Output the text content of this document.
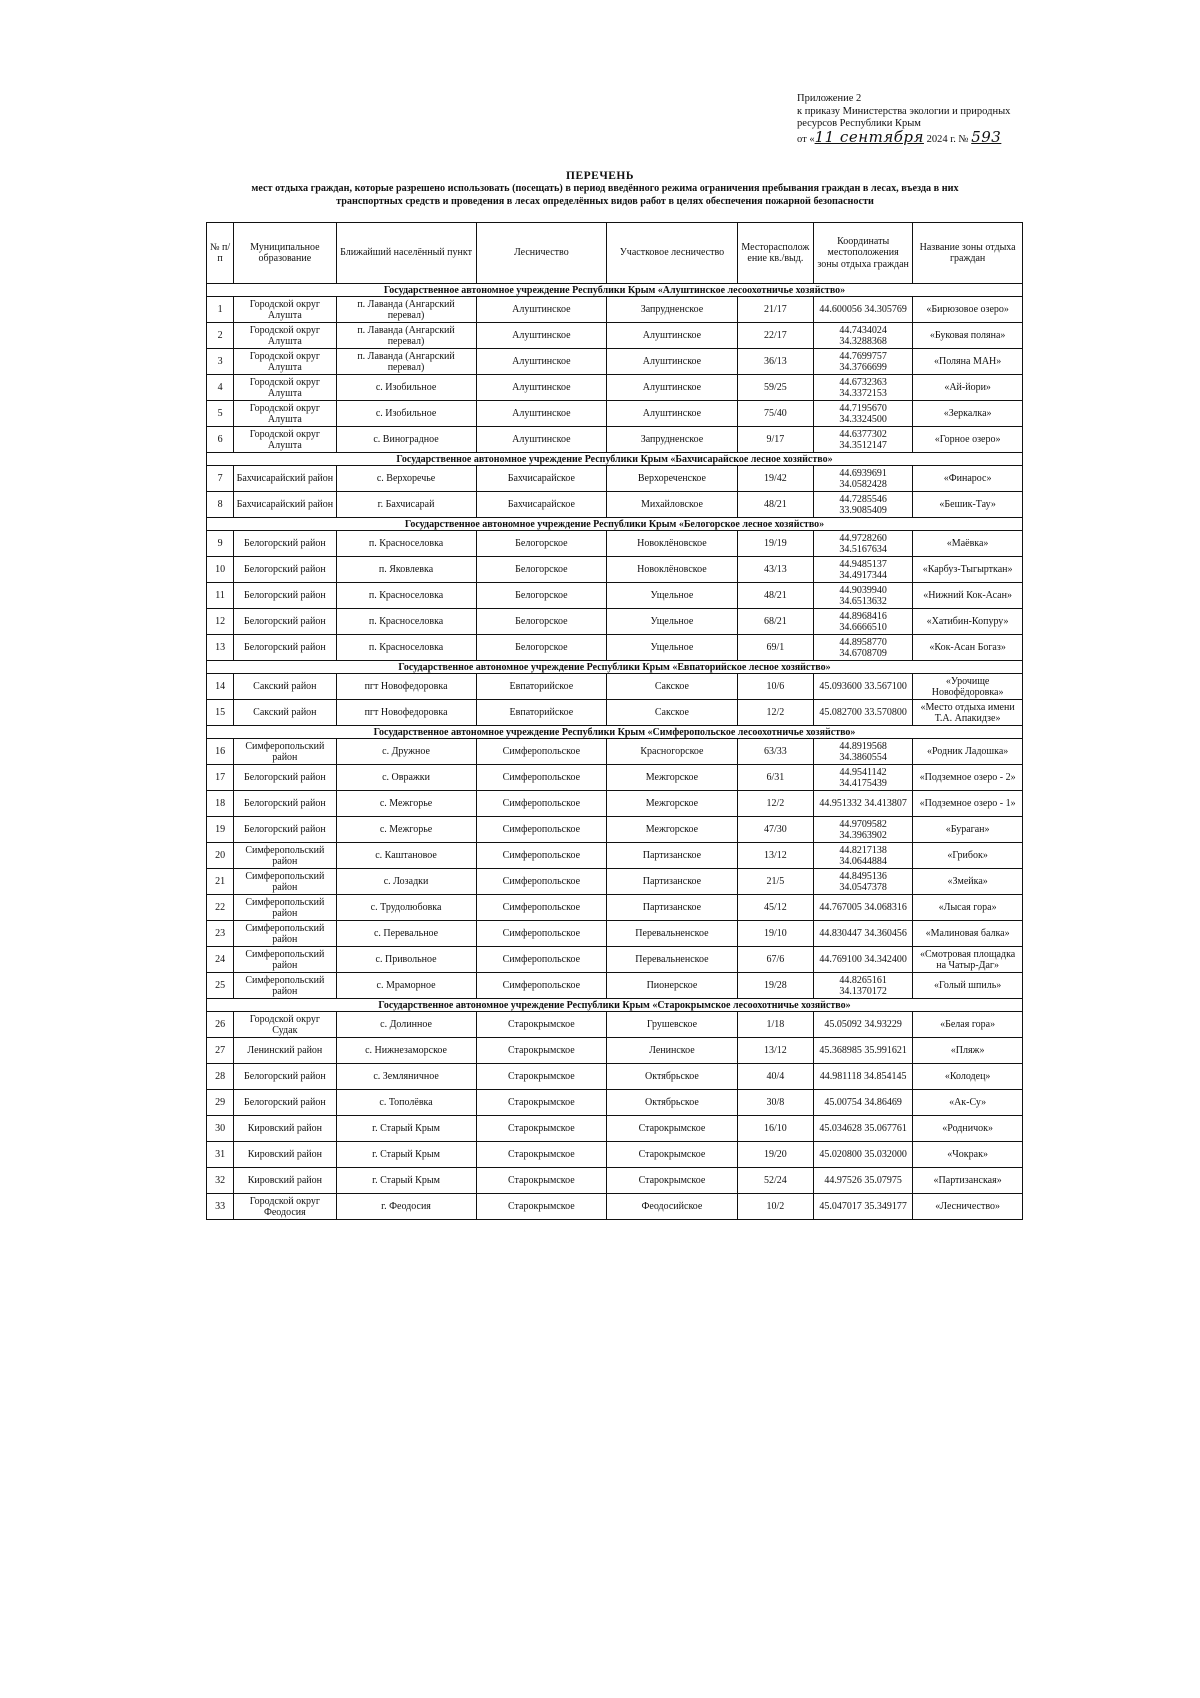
Приложение 2
к приказу Министерства экологии и природных
ресурсов Республики Крым
от «11 сентября 2024 г. № 593
ПЕРЕЧЕНЬ
мест отдыха граждан, которые разрешено использовать (посещать) в период введённого режима ограничения пребывания граждан в лесах, въезда в них транспортных средств и проведения в лесах определённых видов работ в целях обеспечения пожарной безопасности
№ п/п	Муниципальное образование	Ближайший населённый пункт	Лесничество	Участковое лесничество	Месторасположение кв./выд.	Координаты местоположения зоны отдыха граждан	Название зоны отдыха граждан
Государственное автономное учреждение Республики Крым «Алуштинское лесоохотничье хозяйство»							
1	Городской округ Алушта	п. Лаванда (Ангарский перевал)	Алуштинское	Запрудненское	21/17	44.600056 34.305769	«Бирюзовое озеро»
2	Городской округ Алушта	п. Лаванда (Ангарский перевал)	Алуштинское	Алуштинское	22/17	44.7434024 34.3288368	«Буковая поляна»
3	Городской округ Алушта	п. Лаванда (Ангарский перевал)	Алуштинское	Алуштинское	36/13	44.7699757 34.3766699	«Поляна МАН»
4	Городской округ Алушта	с. Изобильное	Алуштинское	Алуштинское	59/25	44.6732363 34.3372153	«Ай-йори»
5	Городской округ Алушта	с. Изобильное	Алуштинское	Алуштинское	75/40	44.7195670 34.3324500	«Зеркалка»
6	Городской округ Алушта	с. Виноградное	Алуштинское	Запрудненское	9/17	44.6377302 34.3512147	«Горное озеро»
Государственное автономное учреждение Республики Крым «Бахчисарайское лесное хозяйство»							
7	Бахчисарайский район	с. Верхоречье	Бахчисарайское	Верхореченское	19/42	44.6939691 34.0582428	«Финарос»
8	Бахчисарайский район	г. Бахчисарай	Бахчисарайское	Михайловское	48/21	44.7285546 33.9085409	«Бешик-Тау»
Государственное автономное учреждение Республики Крым «Белогорское лесное хозяйство»							
9	Белогорский район	п. Красноселовка	Белогорское	Новоклёновское	19/19	44.9728260 34.5167634	«Маёвка»
10	Белогорский район	п. Яковлевка	Белогорское	Новоклёновское	43/13	44.9485137 34.4917344	«Карбуз-Тыгырткан»
11	Белогорский район	п. Красноселовка	Белогорское	Ущельное	48/21	44.9039940 34.6513632	«Нижний Кок-Асан»
12	Белогорский район	п. Красноселовка	Белогорское	Ущельное	68/21	44.8968416 34.6666510	«Хатибин-Копуру»
13	Белогорский район	п. Красноселовка	Белогорское	Ущельное	69/1	44.8958770 34.6708709	«Кок-Асан Богаз»
Государственное автономное учреждение Республики Крым «Евпаторийское лесное хозяйство»							
14	Сакский район	пгт Новофедоровка	Евпаторийское	Сакское	10/6	45.093600 33.567100	«Урочище Новофёдоровка»
15	Сакский район	пгт Новофедоровка	Евпаторийское	Сакское	12/2	45.082700 33.570800	«Место отдыха имени Т.А. Апакидзе»
Государственное автономное учреждение Республики Крым «Симферопольское лесоохотничье хозяйство»							
16	Симферопольский район	с. Дружное	Симферопольское	Красногорское	63/33	44.8919568 34.3860554	«Родник Ладошка»
17	Белогорский район	с. Овражки	Симферопольское	Межгорское	6/31	44.9541142 34.4175439	«Подземное озеро - 2»
18	Белогорский район	с. Межгорье	Симферопольское	Межгорское	12/2	44.951332 34.413807	«Подземное озеро - 1»
19	Белогорский район	с. Межгорье	Симферопольское	Межгорское	47/30	44.9709582 34.3963902	«Бураган»
20	Симферопольский район	с. Каштановое	Симферопольское	Партизанское	13/12	44.8217138 34.0644884	«Грибок»
21	Симферопольский район	с. Лозадки	Симферопольское	Партизанское	21/5	44.8495136 34.0547378	«Змейка»
22	Симферопольский район	с. Трудолюбовка	Симферопольское	Партизанское	45/12	44.767005 34.068316	«Лысая гора»
23	Симферопольский район	с. Перевальное	Симферопольское	Перевальненское	19/10	44.830447 34.360456	«Малиновая балка»
24	Симферопольский район	с. Привольное	Симферопольское	Перевальненское	67/6	44.769100 34.342400	«Смотровая площадка на Чатыр-Даг»
25	Симферопольский район	с. Мраморное	Симферопольское	Пионерское	19/28	44.8265161 34.1370172	«Голый шпиль»
Государственное автономное учреждение Республики Крым «Старокрымское лесоохотничье хозяйство»							
26	Городской округ Судак	с. Долинное	Старокрымское	Грушевское	1/18	45.05092 34.93229	«Белая гора»
27	Ленинский район	с. Нижнезаморское	Старокрымское	Ленинское	13/12	45.368985 35.991621	«Пляж»
28	Белогорский район	с. Земляничное	Старокрымское	Октябрьское	40/4	44.981118 34.854145	«Колодец»
29	Белогорский район	с. Тополёвка	Старокрымское	Октябрьское	30/8	45.00754 34.86469	«Ак-Су»
30	Кировский район	г. Старый Крым	Старокрымское	Старокрымское	16/10	45.034628 35.067761	«Родничок»
31	Кировский район	г. Старый Крым	Старокрымское	Старокрымское	19/20	45.020800 35.032000	«Чокрак»
32	Кировский район	г. Старый Крым	Старокрымское	Старокрымское	52/24	44.97526 35.07975	«Партизанская»
33	Городской округ Феодосия	г. Феодосия	Старокрымское	Феодосийское	10/2	45.047017 35.349177	«Лесничество»
